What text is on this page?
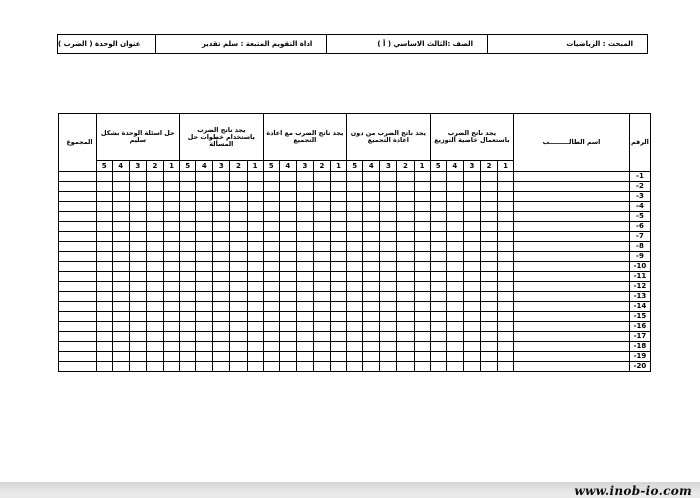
المبحث : الرياضيات	الصف :الثالث الاساسي ( أ )	اداة التقويم المتبعة : سلم تقدير	عنوان الوحدة ( الضرب )
الرقم	اسم الطالـــــــــب	يجد ناتج الضرب باستعمال خاصية التوزيع					يجد ناتج الضرب من دون اعادة التجميع					يجد ناتج الضرب مع اعادة التجميع					يجد ناتج الضرب باستخدام خطوات حل المسألة					حل اسئلة الوحدة بشكل سليم					المجموع
		1	2	3	4	5	1	2	3	4	5	1	2	3	4	5	1	2	3	4	5	1	2	3	4	5	
1-																											
2-																											
3-																											
4-																											
5-																											
6-																											
7-																											
8-																											
9-																											
10-																											
11-																											
12-																											
13-																											
14-																											
15-																											
16-																											
17-																											
18-																											
19-																											
20-																											
www.inob-io.com
